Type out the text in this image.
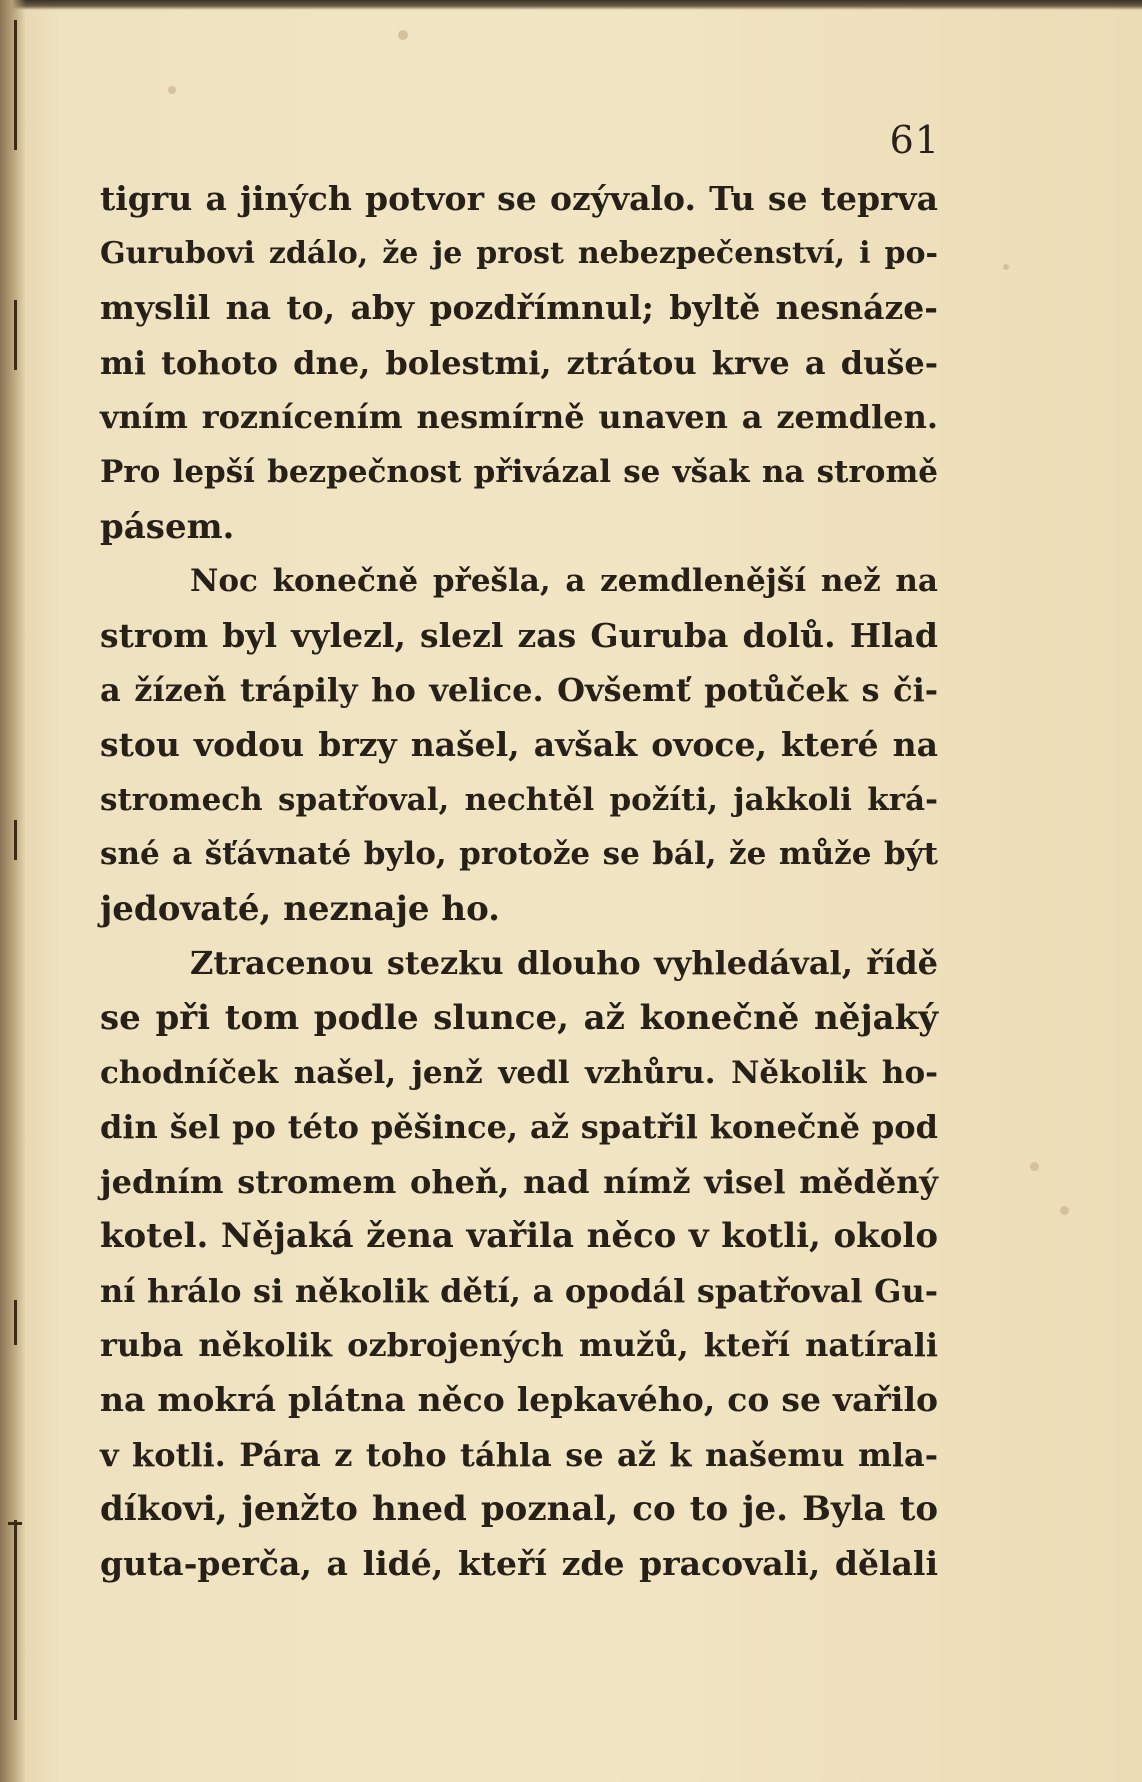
61
tigru a jiných potvor se ozývalo. Tu se teprva
Gurubovi zdálo, že je prost nebezpečenství, i po-
myslil na to, aby pozdřímnul; byltě nesnáze-
mi tohoto dne, bolestmi, ztrátou krve a duše-
vním roznícením nesmírně unaven a zemdlen.
Pro lepší bezpečnost přivázal se však na stromě
pásem.
Noc konečně přešla, a zemdlenější než na
strom byl vylezl, slezl zas Guruba dolů. Hlad
a žízeň trápily ho velice. Ovšemť potůček s či-
stou vodou brzy našel, avšak ovoce, které na
stromech spatřoval, nechtěl požíti, jakkoli krá-
sné a šťávnaté bylo, protože se bál, že může být
jedovaté, neznaje ho.
Ztracenou stezku dlouho vyhledával, řídě
se při tom podle slunce, až konečně nějaký
chodníček našel, jenž vedl vzhůru. Několik ho-
din šel po této pěšince, až spatřil konečně pod
jedním stromem oheň, nad nímž visel měděný
kotel. Nějaká žena vařila něco v kotli, okolo
ní hrálo si několik dětí, a opodál spatřoval Gu-
ruba několik ozbrojených mužů, kteří natírali
na mokrá plátna něco lepkavého, co se vařilo
v kotli. Pára z toho táhla se až k našemu mla-
díkovi, jenžto hned poznal, co to je. Byla to
guta-perča, a lidé, kteří zde pracovali, dělali
